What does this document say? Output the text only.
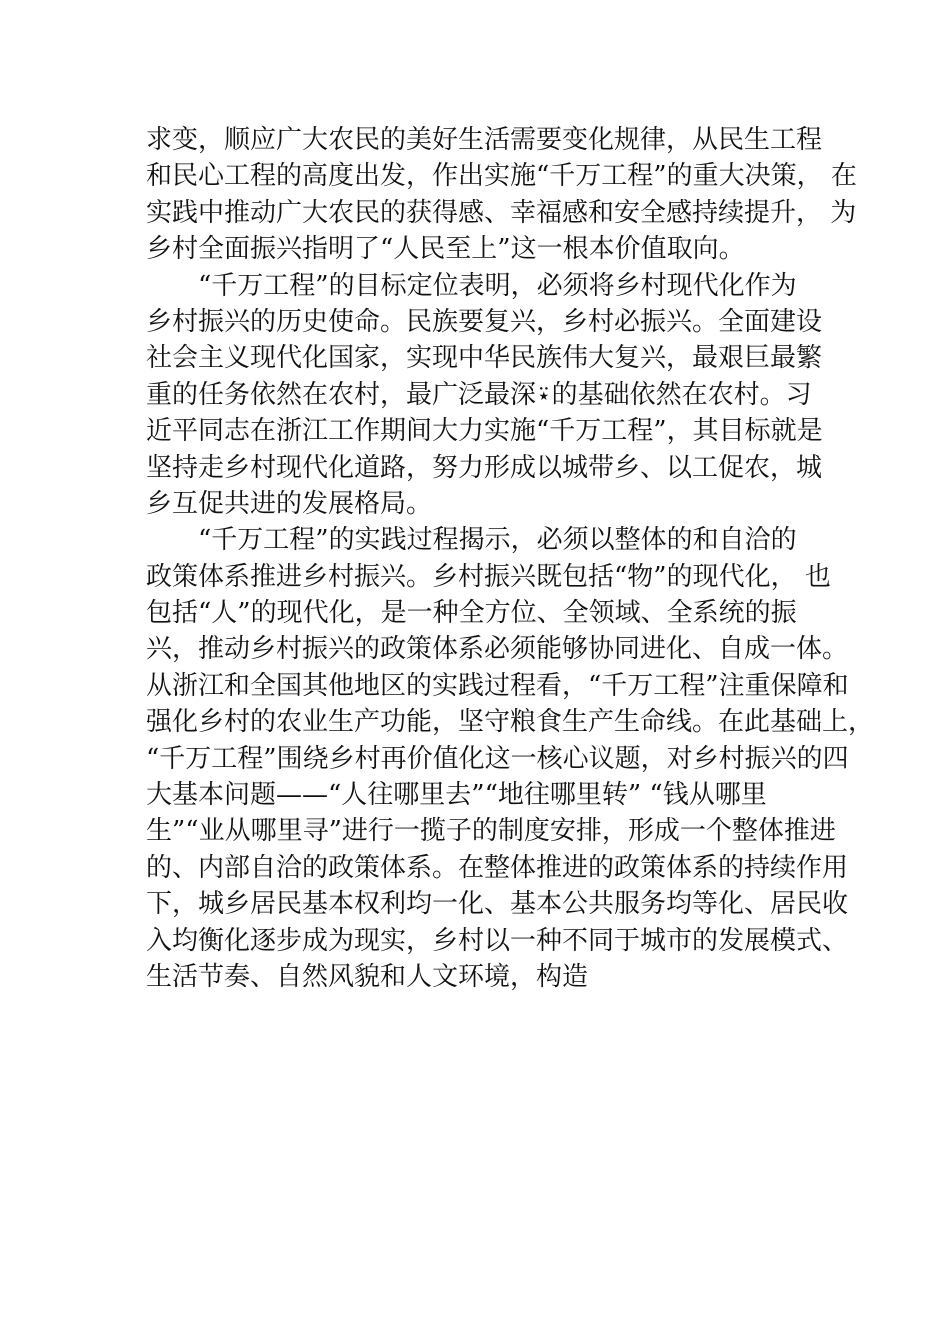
求变，顺应广大农民的美好生活需要变化规律，从民生工程
和民心工程的高度出发，作出实施“千万工程”的重大决策， 在
实践中推动广大农民的获得感、幸福感和安全感持续提升， 为
乡村全面振兴指明了“人民至上”这一根本价值取向。
　　“千万工程”的目标定位表明，必须将乡村现代化作为
乡村振兴的历史使命。民族要复兴，乡村必振兴。全面建设
社会主义现代化国家，实现中华民族伟大复兴，最艰巨最繁
重的任务依然在农村，最广泛最深⍣的基础依然在农村。习
近平同志在浙江工作期间大力实施“千万工程”，其目标就是
坚持走乡村现代化道路，努力形成以城带乡、以工促农，城
乡互促共进的发展格局。
　　“千万工程”的实践过程揭示，必须以整体的和自洽的
政策体系推进乡村振兴。乡村振兴既包括“物”的现代化， 也
包括“人”的现代化，是一种全方位、全领域、全系统的振
兴，推动乡村振兴的政策体系必须能够协同进化、自成一体。
从浙江和全国其他地区的实践过程看，“千万工程”注重保障和
强化乡村的农业生产功能，坚守粮食生产生命线。在此基础上，
“千万工程”围绕乡村再价值化这一核心议题，对乡村振兴的四
大基本问题——“人往哪里去”“地往哪里转” “钱从哪里
生”“业从哪里寻”进行一揽子的制度安排，形成一个整体推进
的、内部自洽的政策体系。在整体推进的政策体系的持续作用
下，城乡居民基本权利均一化、基本公共服务均等化、居民收
入均衡化逐步成为现实，乡村以一种不同于城市的发展模式、
生活节奏、自然风貌和人文环境，构造
